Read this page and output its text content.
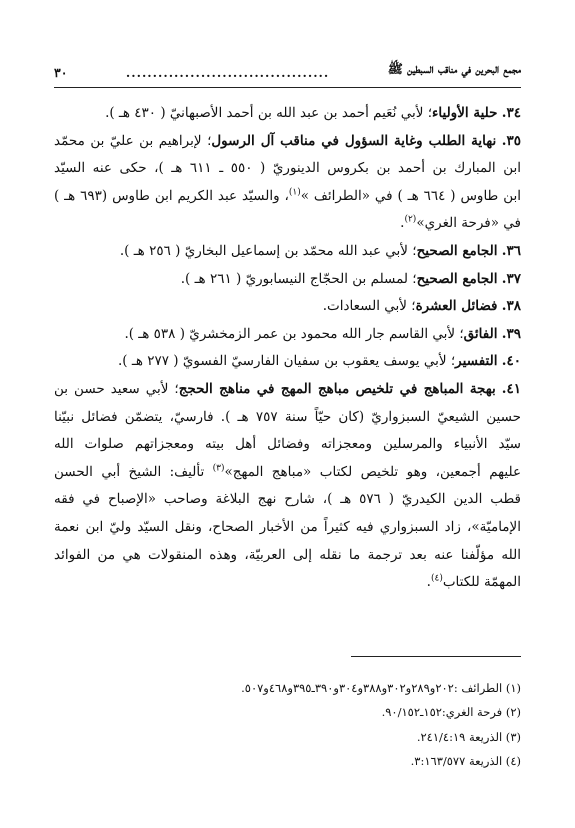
مجمع البحرين في مناقب السبطين ﷺ
......................................
٣٠
٣٤. حلية الأولياء؛ لأبي نُعَيم أحمد بن عبد الله بن أحمد الأصبهانيّ ( ٤٣٠ هـ ).
٣٥. نهاية الطلب وغاية السؤول في مناقب آل الرسول؛ لإبراهيم بن عليّ بن محمّد
ابن المبارك بن أحمد بن بكروس الدينوريّ ( ٥٥٠ ـ ٦١١ هـ )، حكى عنه السيّد
ابن طاوس ( ٦٦٤ هـ ) في «الطرائف »$^{(١)}$، والسيّد عبد الكريم ابن طاوس (٦٩٣ هـ )
في «فرحة الغري»$^{(٢)}$.
٣٦. الجامع الصحيح؛ لأبي عبد الله محمّد بن إسماعيل البخاريّ ( ٢٥٦ هـ ).
٣٧. الجامع الصحيح؛ لمسلم بن الحجّاج النيسابوريّ ( ٢٦١ هـ ).
٣٨. فضائل العشرة؛ لأبي السعادات.
٣٩. الفائق؛ لأبي القاسم جار الله محمود بن عمر الزمخشريّ ( ٥٣٨ هـ ).
٤٠. التفسير؛ لأبي يوسف يعقوب بن سفيان الفارسيّ الفسويّ ( ٢٧٧ هـ ).
٤١. بهجة المباهج في تلخيص مباهج المهج في مناهج الحجج؛ لأبي سعيد حسن بن
حسين الشيعيّ السبزواريّ (كان حيّاً سنة ٧٥٧ هـ ). فارسيّ، يتضمّن فضائل نبيّنا
سيّد الأنبياء والمرسلين ومعجزاته وفضائل أهل بيته ومعجزاتهم صلوات الله
عليهم أجمعين، وهو تلخيص لكتاب «مباهج المهج»$^{(٣)}$ تأليف: الشيخ أبي الحسن
قطب الدين الكيدريّ ( ٥٧٦ هـ )، شارح نهج البلاغة وصاحب «الإصباح في فقه
الإماميّة»، زاد السبزواري فيه كثيراً من الأخبار الصحاح، ونقل السيّد وليّ ابن نعمة
الله مؤلّفنا عنه بعد ترجمة ما نقله إلى العربيّة، وهذه المنقولات هي من الفوائد
المهمّة للكتاب$^{(٤)}$.
(١) الطرائف :٢٠٢و٢٨٩و٣٠٢و٣٨٨و٣٠٤و٣٩٠ـ٣٩٥و٤٦٨و٥٠٧.
(٢) فرحة الغري:١٥٢ـ٩٠/١٥٢.
(٣) الذريعة ٢٤١/٤:١٩.
(٤) الذريعة ٣:١٦٣/٥٧٧.
